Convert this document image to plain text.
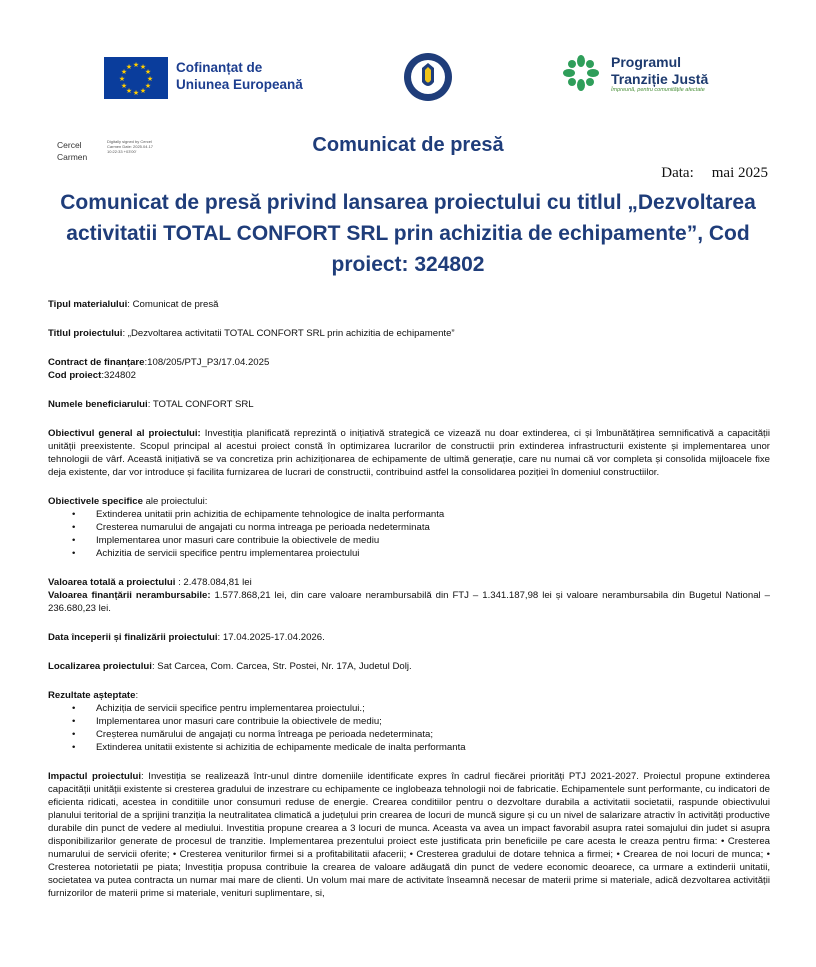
★ ★
★
★
★
★
★
★
★
★
★
★	Cofinanțat de
Uniunea Europeană
Programul
Tranziție Justă
Împreună, pentru comunitățile afectate
Cercel
Carmen
Digitally signed by Cercel Carmen Date: 2025.04.17 10:22:33 +03'00'	Comunicat de presă
Data: mai 2025
Comunicat de presă privind lansarea proiectului cu titlul „Dezvoltarea activitatii TOTAL CONFORT SRL prin achizitia de echipamente”, Cod proiect: 324802

Tipul materialului: Comunicat de presă

Titlul proiectului: „Dezvoltarea activitatii TOTAL CONFORT SRL prin achizitia de echipamente”

Contract de finanțare:108/205/PTJ_P3/17.04.2025

Cod proiect:324802

Numele beneficiarului: TOTAL CONFORT SRL

Obiectivul general al proiectului: Investiția planificată reprezintă o inițiativă strategică ce vizează nu doar extinderea, ci și îmbunătățirea semnificativă a capacității unității preexistente. Scopul principal al acestui proiect constă în optimizarea lucrarilor de constructii prin extinderea infrastructurii existente și implementarea unor tehnologii de vârf. Această inițiativă se va concretiza prin achiziționarea de echipamente de ultimă generație, care nu numai că vor completa și consolida mijloacele fixe deja existente, dar vor introduce și facilita furnizarea de lucrari de constructii, contribuind astfel la consolidarea poziției în domeniul constructiilor.

Obiectivele specifice ale proiectului:

• Extinderea unitatii prin achizitia de echipamente tehnologice de inalta performanta
• Cresterea numarului de angajati cu norma intreaga pe perioada nedeterminata
• Implementarea unor masuri care contribuie la obiectivele de mediu
• Achizitia de servicii specifice pentru implementarea proiectului

Valoarea totală a proiectului : 2.478.084,81 lei

Valoarea finanțării nerambursabile: 1.577.868,21 lei, din care valoare nerambursabilă din FTJ – 1.341.187,98 lei și valoare nerambursabila din Bugetul National – 236.680,23 lei.

Data începerii și finalizării proiectului: 17.04.2025-17.04.2026.

Localizarea proiectului: Sat Carcea, Com. Carcea, Str. Postei, Nr. 17A, Judetul Dolj.

Rezultate așteptate:

• Achiziția de servicii specifice pentru implementarea proiectului.;
• Implementarea unor masuri care contribuie la obiectivele de mediu;
• Creșterea numărului de angajați cu norma întreaga pe perioada nedeterminata;
• Extinderea unitatii existente si achizitia de echipamente medicale de inalta performanta

Impactul proiectului: Investiția se realizează într-unul dintre domeniile identificate expres în cadrul fiecărei priorități PTJ 2021-2027. Proiectul propune extinderea capacității unității existente si cresterea gradului de inzestrare cu echipamente ce inglobeaza tehnologii noi de fabricatie. Echipamentele sunt performante, cu indicatori de eficienta ridicati, acestea in conditiile unor consumuri reduse de energie. Crearea conditiilor pentru o dezvoltare durabila a activitatii societatii, raspunde obiectivului planului teritorial de a sprijini tranziția la neutralitatea climatică a județului prin crearea de locuri de muncă sigure și cu un nivel de salarizare atractiv în activități productive durabile din punct de vedere al mediului. Investitia propune crearea a 3 locuri de munca. Aceasta va avea un impact favorabil asupra ratei somajului din judet si asupra disponibilizarilor generate de procesul de tranzitie. Implementarea prezentului proiect este justificata prin beneficiile pe care acesta le creaza pentru firma: • Cresterea numarului de servicii oferite; • Cresterea veniturilor firmei si a profitabilitatii afacerii; • Cresterea gradului de dotare tehnica a firmei; • Crearea de noi locuri de munca; • Cresterea notorietatii pe piata; Investiția propusa contribuie la crearea de valoare adăugată din punct de vedere economic deoarece, ca urmare a extinderii unitatii, societatea va putea contracta un numar mai mare de clienti. Un volum mai mare de activitate înseamnă necesar de materii prime si materiale, adică dezvoltarea activității furnizorilor de materii prime si materiale, venituri suplimentare, si,
